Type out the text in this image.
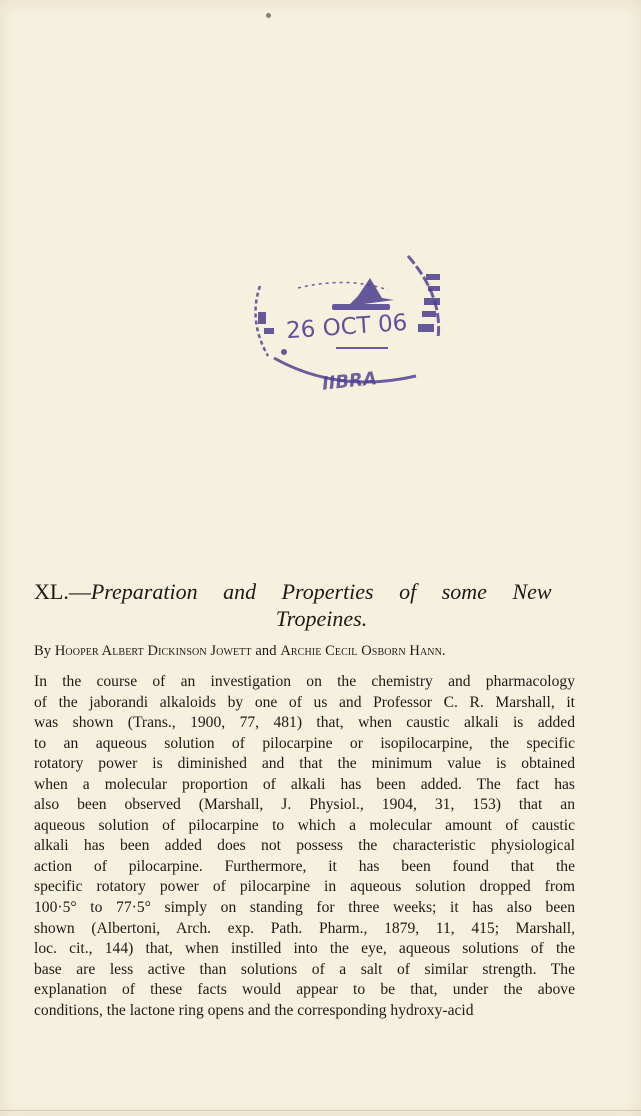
26 OCT 06
IIBRA
XL.—Preparation and Properties of some New
Tropeines.
By Hooper Albert Dickinson Jowett and Archie Cecil Osborn Hann.
In the course of an investigation on the chemistry and pharmacology
of the jaborandi alkaloids by one of us and Professor C. R. Marshall, it
was shown (Trans., 1900, 77, 481) that, when caustic alkali is added
to an aqueous solution of pilocarpine or isopilocarpine, the specific
rotatory power is diminished and that the minimum value is obtained
when a molecular proportion of alkali has been added. The fact has
also been observed (Marshall, J. Physiol., 1904, 31, 153) that an
aqueous solution of pilocarpine to which a molecular amount of caustic
alkali has been added does not possess the characteristic physiological
action of pilocarpine. Furthermore, it has been found that the
specific rotatory power of pilocarpine in aqueous solution dropped from
100·5° to 77·5° simply on standing for three weeks; it has also been
shown (Albertoni, Arch. exp. Path. Pharm., 1879, 11, 415; Marshall,
loc. cit., 144) that, when instilled into the eye, aqueous solutions of the
base are less active than solutions of a salt of similar strength. The
explanation of these facts would appear to be that, under the above
conditions, the lactone ring opens and the corresponding hydroxy-acid
